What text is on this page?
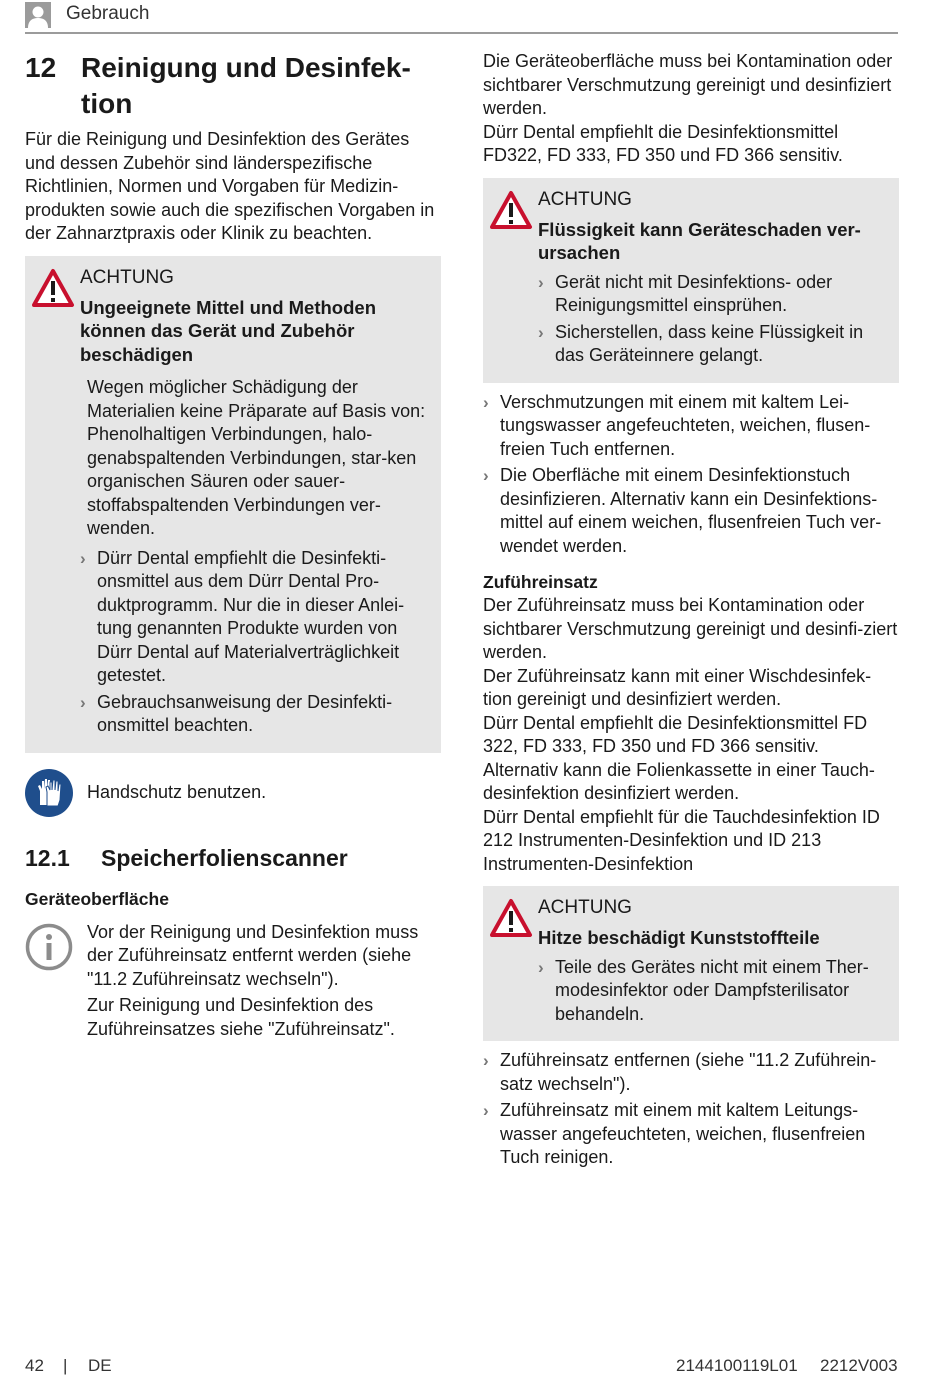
Gebrauch
12 Reinigung und Desinfek-tion

Für die Reinigung und Desinfektion des Gerätes und dessen Zubehör sind länderspezifische Richtlinien, Normen und Vorgaben für Medizin-produkten sowie auch die spezifischen Vorgaben in der Zahnarztpraxis oder Klinik zu beachten.

ACHTUNG
Ungeeignete Mittel und Methoden können das Gerät und Zubehör beschädigen

Wegen möglicher Schädigung der Materialien keine Präparate auf Basis von: Phenolhaltigen Verbindungen, halo-genabspaltenden Verbindungen, star-ken organischen Säuren oder sauer-stoffabspaltenden Verbindungen ver-wenden.

› Dürr Dental empfiehlt die Desinfekti-onsmittel aus dem Dürr Dental Pro-duktprogramm. Nur die in dieser Anlei-tung genannten Produkte wurden von Dürr Dental auf Materialverträglichkeit getestet.
› Gebrauchsanweisung der Desinfekti-onsmittel beachten.
Handschutz benutzen.
12.1	Speicherfolienscanner
Geräteoberfläche

Vor der Reinigung und Desinfektion muss der Zuführeinsatz entfernt werden (siehe "11.2 Zuführeinsatz wechseln").

Zur Reinigung und Desinfektion des Zuführeinsatzes siehe "Zuführeinsatz".

Die Geräteoberfläche muss bei Kontamination oder sichtbarer Verschmutzung gereinigt und desinfiziert werden.

Dürr Dental empfiehlt die Desinfektionsmittel FD322, FD 333, FD 350 und FD 366 sensitiv.

ACHTUNG
Flüssigkeit kann Geräteschaden ver-ursachen
› Gerät nicht mit Desinfektions- oder Reinigungsmittel einsprühen.
› Sicherstellen, dass keine Flüssigkeit in das Geräteinnere gelangt.
› Verschmutzungen mit einem mit kaltem Lei-tungswasser angefeuchteten, weichen, flusen-freien Tuch entfernen.
› Die Oberfläche mit einem Desinfektionstuch desinfizieren. Alternativ kann ein Desinfektions-mittel auf einem weichen, flusenfreien Tuch ver-wendet werden.
Zuführeinsatz

Der Zuführeinsatz muss bei Kontamination oder sichtbarer Verschmutzung gereinigt und desinfi-ziert werden.

Der Zuführeinsatz kann mit einer Wischdesinfek-tion gereinigt und desinfiziert werden.

Dürr Dental empfiehlt die Desinfektionsmittel FD 322, FD 333, FD 350 und FD 366 sensitiv.

Alternativ kann die Folienkassette in einer Tauch-desinfektion desinfiziert werden.

Dürr Dental empfiehlt für die Tauchdesinfektion ID 212 Instrumenten-Desinfektion und ID 213 Instrumenten-Desinfektion

ACHTUNG
Hitze beschädigt Kunststoffteile
› Teile des Gerätes nicht mit einem Ther-modesinfektor oder Dampfsterilisator behandeln.
› Zuführeinsatz entfernen (siehe "11.2 Zuführein-satz wechseln").
› Zuführeinsatz mit einem mit kaltem Leitungs-wasser angefeuchteten, weichen, flusenfreien Tuch reinigen.
42 | DE	2144100119L01 2212V003
